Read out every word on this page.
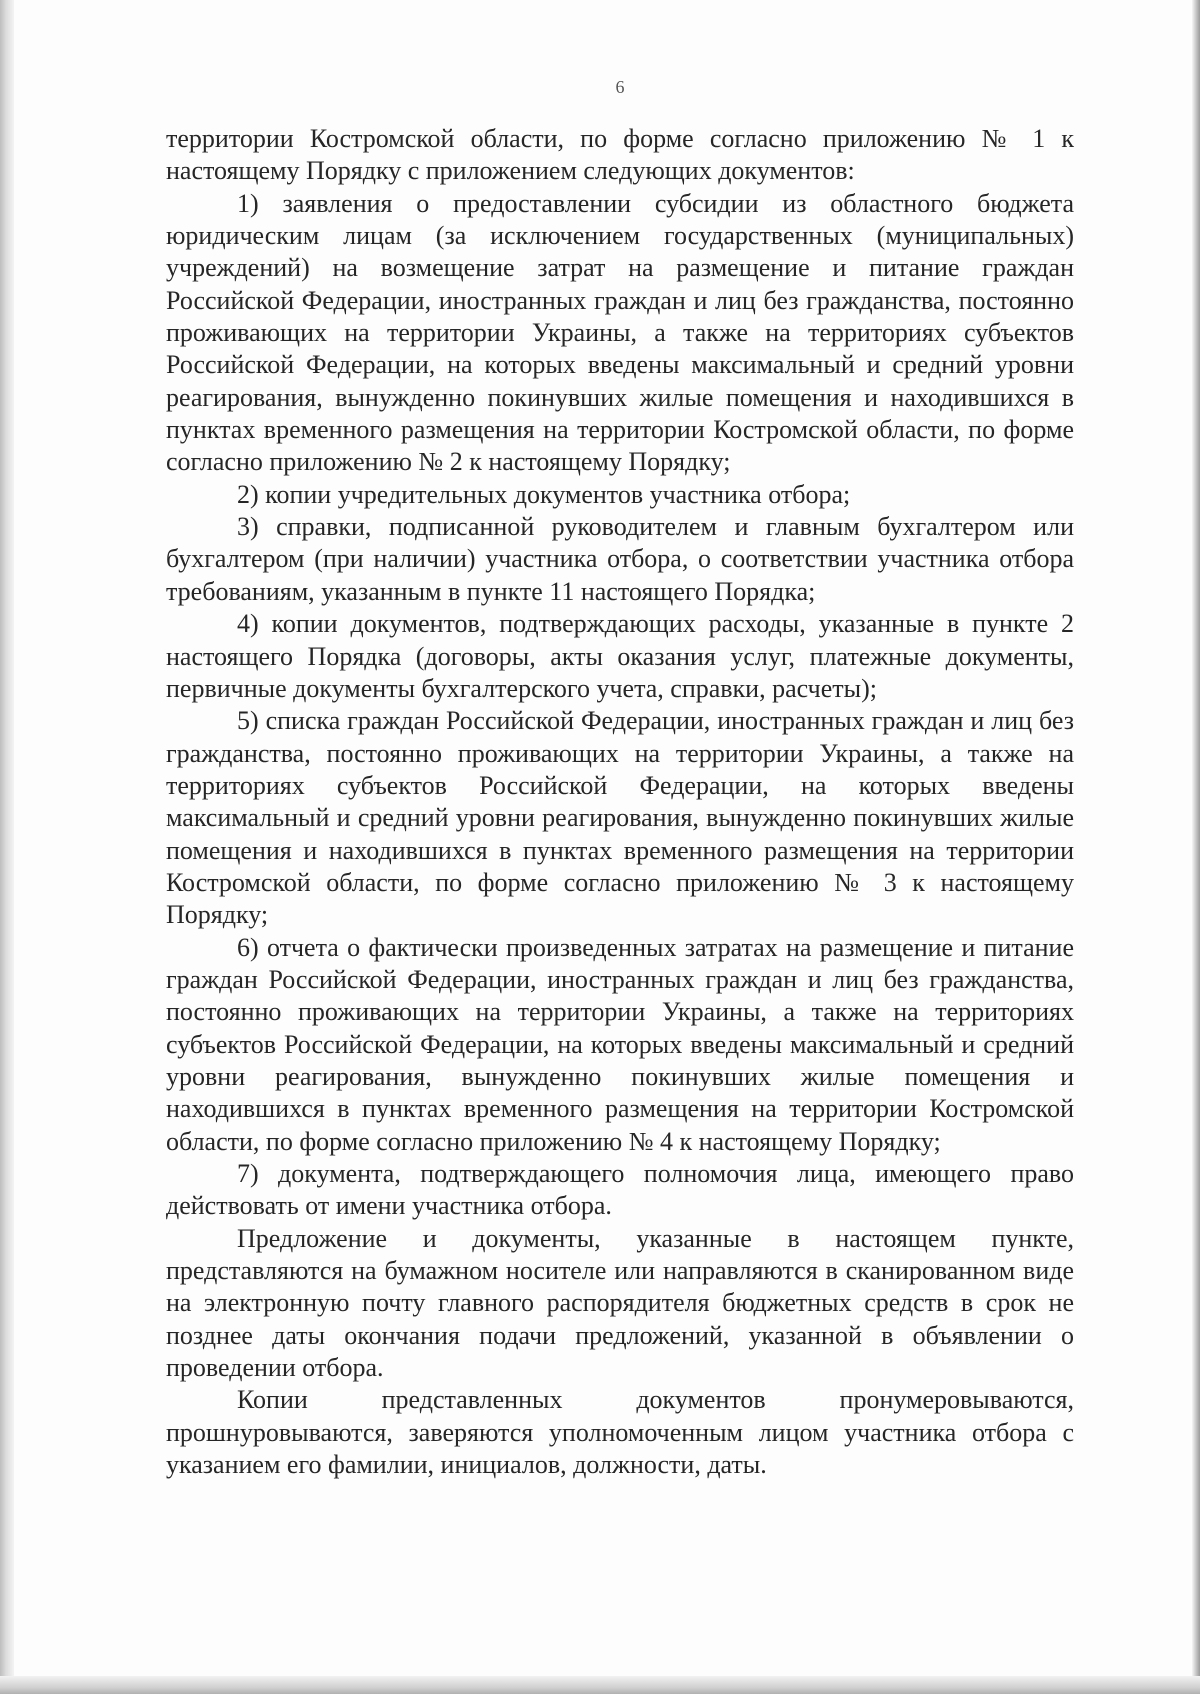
6

территории Костромской области, по форме согласно приложению № 1 к настоящему Порядку с приложением следующих документов:

1) заявления о предоставлении субсидии из областного бюджета юридическим лицам (за исключением государственных (муниципальных) учреждений) на возмещение затрат на размещение и питание граждан Российской Федерации, иностранных граждан и лиц без гражданства, постоянно проживающих на территории Украины, а также на территориях субъектов Российской Федерации, на которых введены максимальный и средний уровни реагирования, вынужденно покинувших жилые помещения и находившихся в пунктах временного размещения на территории Костромской области, по форме согласно приложению № 2 к настоящему Порядку;

2) копии учредительных документов участника отбора;

3) справки, подписанной руководителем и главным бухгалтером или бухгалтером (при наличии) участника отбора, о соответствии участника отбора требованиям, указанным в пункте 11 настоящего Порядка;

4) копии документов, подтверждающих расходы, указанные в пункте 2 настоящего Порядка (договоры, акты оказания услуг, платежные документы, первичные документы бухгалтерского учета, справки, расчеты);

5) списка граждан Российской Федерации, иностранных граждан и лиц без гражданства, постоянно проживающих на территории Украины, а также на территориях субъектов Российской Федерации, на которых введены максимальный и средний уровни реагирования, вынужденно покинувших жилые помещения и находившихся в пунктах временного размещения на территории Костромской области, по форме согласно приложению № 3 к настоящему Порядку;

6) отчета о фактически произведенных затратах на размещение и питание граждан Российской Федерации, иностранных граждан и лиц без гражданства, постоянно проживающих на территории Украины, а также на территориях субъектов Российской Федерации, на которых введены максимальный и средний уровни реагирования, вынужденно покинувших жилые помещения и находившихся в пунктах временного размещения на территории Костромской области, по форме согласно приложению № 4 к настоящему Порядку;

7) документа, подтверждающего полномочия лица, имеющего право действовать от имени участника отбора.

Предложение и документы, указанные в настоящем пункте, представляются на бумажном носителе или направляются в сканированном виде на электронную почту главного распорядителя бюджетных средств в срок не позднее даты окончания подачи предложений, указанной в объявлении о проведении отбора.

Копии представленных документов пронумеровываются, прошнуровываются, заверяются уполномоченным лицом участника отбора с указанием его фамилии, инициалов, должности, даты.
